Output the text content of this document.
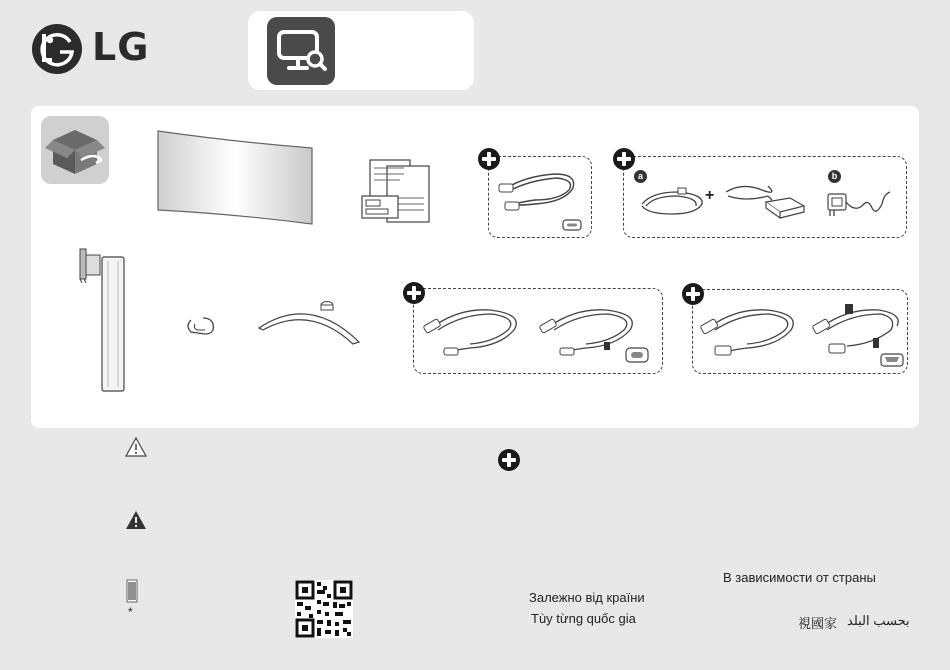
LG
a	b
+
*
Залежно від країни
Tùy từng quốc gia
В зависимости от страны
視國家 بحسب البلد
